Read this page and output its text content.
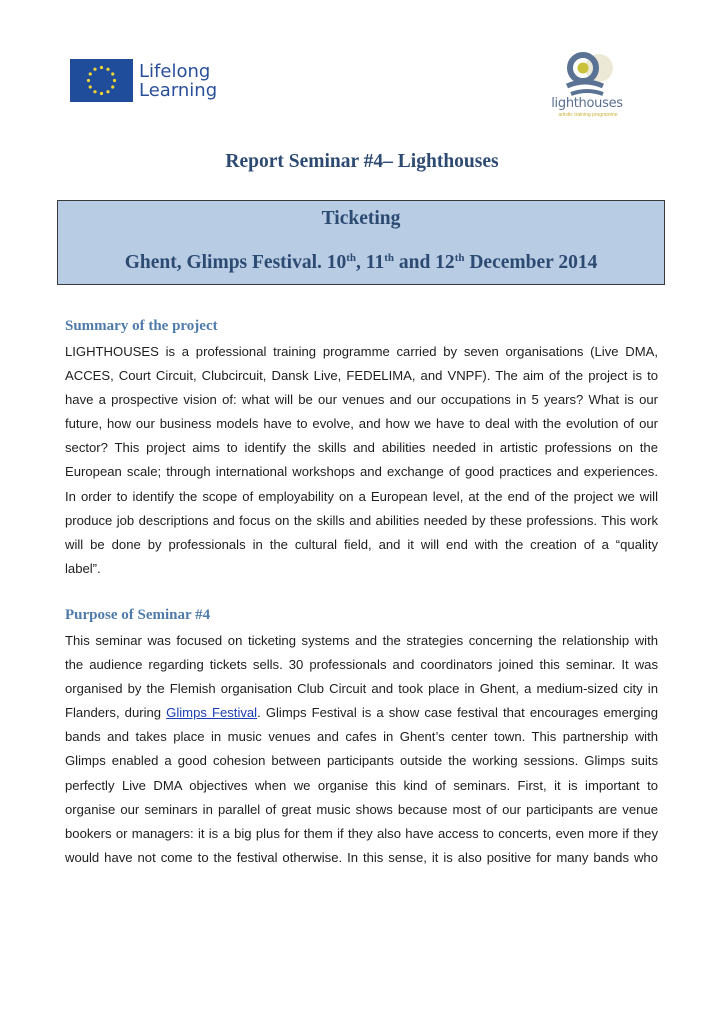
Lifelong
Learning
lighthouses
artistic training programme
Report Seminar #4– Lighthouses
Ticketing
Ghent, Glimps Festival. 10th, 11th and 12th December 2014
Summary of the project
LIGHTHOUSES is a professional training programme carried by seven organisations (Live DMA,
ACCES, Court Circuit, Clubcircuit, Dansk Live, FEDELIMA, and VNPF). The aim of the project is to
have a prospective vision of: what will be our venues and our occupations in 5 years? What is our
future, how our business models have to evolve, and how we have to deal with the evolution of our
sector? This project aims to identify the skills and abilities needed in artistic professions on the
European scale; through international workshops and exchange of good practices and experiences.
In order to identify the scope of employability on a European level, at the end of the project we will
produce job descriptions and focus on the skills and abilities needed by these professions. This work
will be done by professionals in the cultural field, and it will end with the creation of a “quality
label”.
Purpose of Seminar #4
This seminar was focused on ticketing systems and the strategies concerning the relationship with
the audience regarding tickets sells. 30 professionals and coordinators joined this seminar. It was
organised by the Flemish organisation Club Circuit and took place in Ghent, a medium-sized city in
Flanders, during Glimps Festival. Glimps Festival is a show case festival that encourages emerging
bands and takes place in music venues and cafes in Ghent’s center town. This partnership with
Glimps enabled a good cohesion between participants outside the working sessions. Glimps suits
perfectly Live DMA objectives when we organise this kind of seminars. First, it is important to
organise our seminars in parallel of great music shows because most of our participants are venue
bookers or managers: it is a big plus for them if they also have access to concerts, even more if they
would have not come to the festival otherwise. In this sense, it is also positive for many bands who
